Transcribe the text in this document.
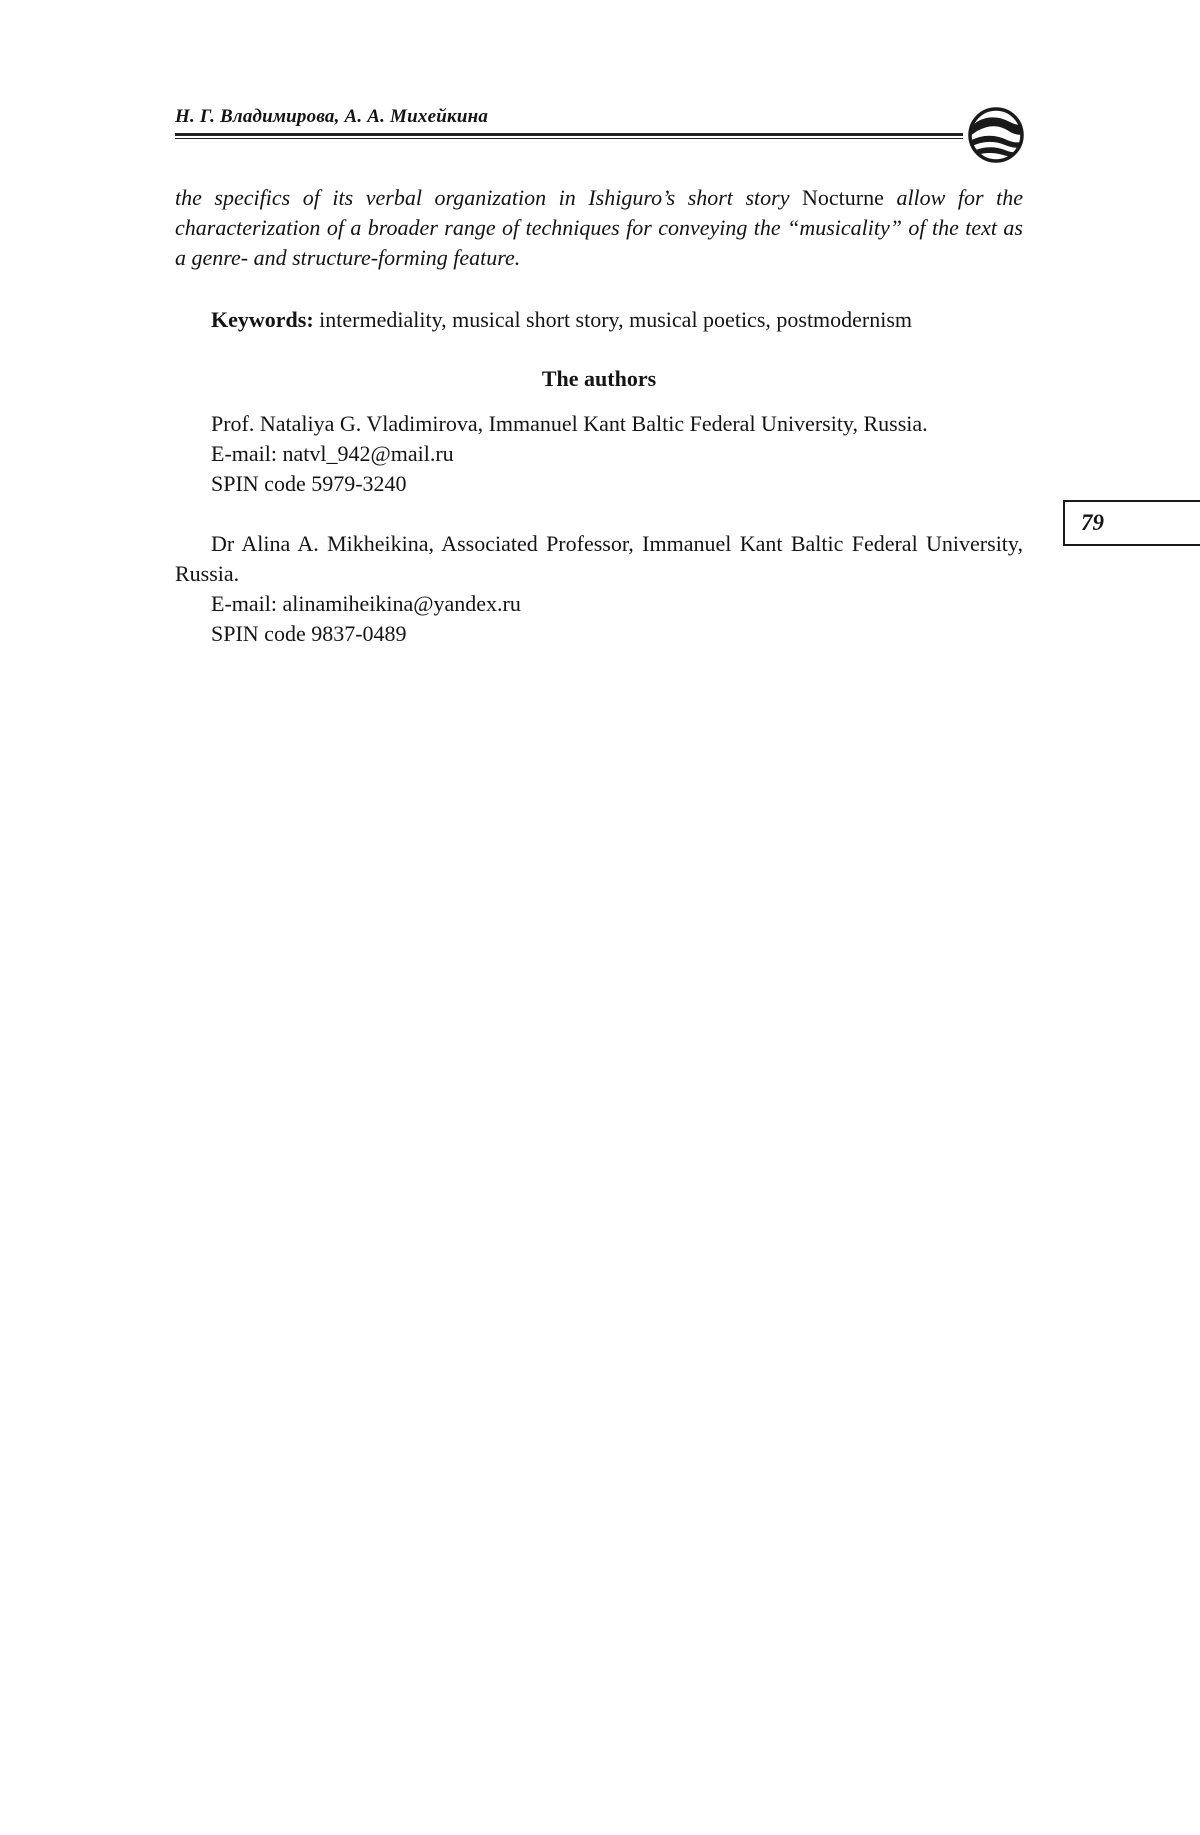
Н. Г. Владимирова, А. А. Михейкина
79
the specifics of its verbal organization in Ishiguro’s short story Nocturne allow for the characterization of a broader range of techniques for conveying the “musicality” of the text as a genre- and structure-forming feature.
Keywords: intermediality, musical short story, musical poetics, postmodernism
The authors
Prof. Nataliya G. Vladimirova, Immanuel Kant Baltic Federal University, Russia.
E-mail: natvl_942@mail.ru
SPIN code 5979-3240
Dr Alina A. Mikheikina, Associated Professor, Immanuel Kant Baltic Federal University, Russia.
E-mail: alinamiheikina@yandex.ru
SPIN code 9837-0489
